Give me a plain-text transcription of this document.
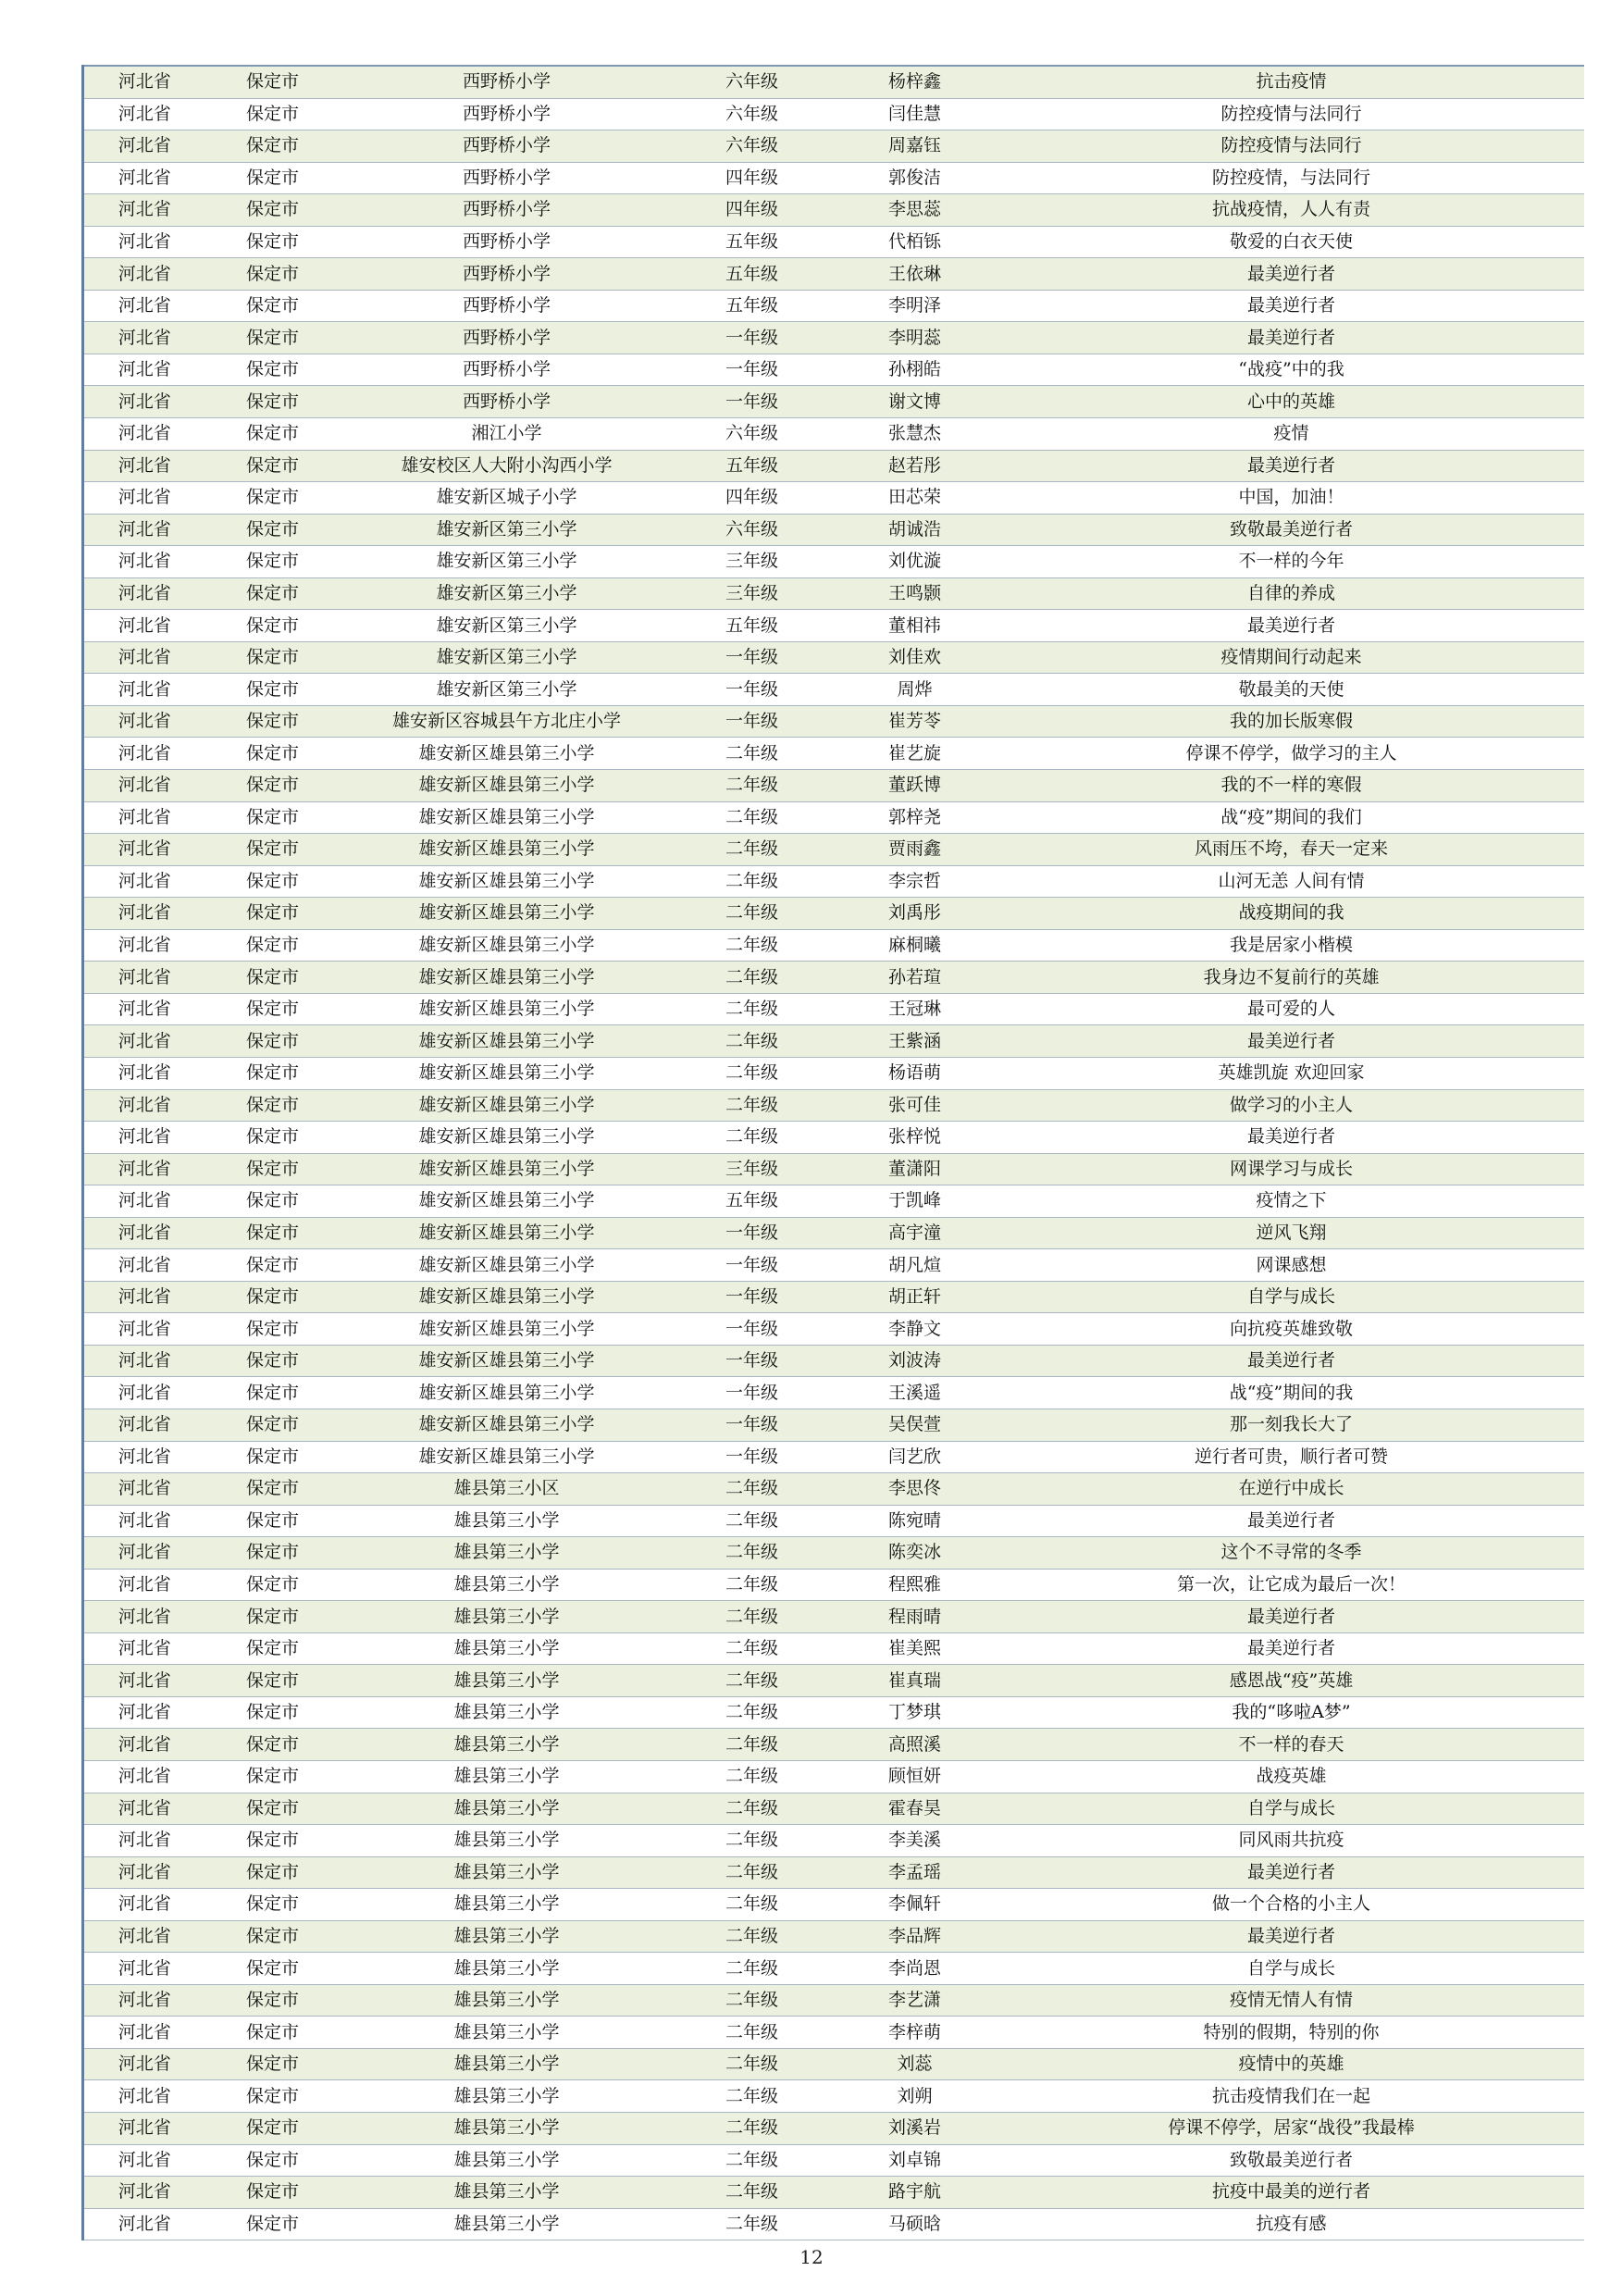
河北省	保定市	西野桥小学	六年级	杨梓鑫	抗击疫情
河北省	保定市	西野桥小学	六年级	闫佳慧	防控疫情与法同行
河北省	保定市	西野桥小学	六年级	周嘉钰	防控疫情与法同行
河北省	保定市	西野桥小学	四年级	郭俊洁	防控疫情，与法同行
河北省	保定市	西野桥小学	四年级	李思蕊	抗战疫情，人人有责
河北省	保定市	西野桥小学	五年级	代栢铄	敬爱的白衣天使
河北省	保定市	西野桥小学	五年级	王依琳	最美逆行者
河北省	保定市	西野桥小学	五年级	李明泽	最美逆行者
河北省	保定市	西野桥小学	一年级	李明蕊	最美逆行者
河北省	保定市	西野桥小学	一年级	孙栩皓	“战疫”中的我
河北省	保定市	西野桥小学	一年级	谢文博	心中的英雄
河北省	保定市	湘江小学	六年级	张慧杰	疫情
河北省	保定市	雄安校区人大附小沟西小学	五年级	赵若彤	最美逆行者
河北省	保定市	雄安新区城子小学	四年级	田芯荣	中国，加油！
河北省	保定市	雄安新区第三小学	六年级	胡诚浩	致敬最美逆行者
河北省	保定市	雄安新区第三小学	三年级	刘优漩	不一样的今年
河北省	保定市	雄安新区第三小学	三年级	王鸣颢	自律的养成
河北省	保定市	雄安新区第三小学	五年级	董相祎	最美逆行者
河北省	保定市	雄安新区第三小学	一年级	刘佳欢	疫情期间行动起来
河北省	保定市	雄安新区第三小学	一年级	周烨	敬最美的天使
河北省	保定市	雄安新区容城县午方北庄小学	一年级	崔芳苓	我的加长版寒假
河北省	保定市	雄安新区雄县第三小学	二年级	崔艺旋	停课不停学，做学习的主人
河北省	保定市	雄安新区雄县第三小学	二年级	董跃博	我的不一样的寒假
河北省	保定市	雄安新区雄县第三小学	二年级	郭梓尧	战“疫”期间的我们
河北省	保定市	雄安新区雄县第三小学	二年级	贾雨鑫	风雨压不垮，春天一定来
河北省	保定市	雄安新区雄县第三小学	二年级	李宗哲	山河无恙 人间有情
河北省	保定市	雄安新区雄县第三小学	二年级	刘禹彤	战疫期间的我
河北省	保定市	雄安新区雄县第三小学	二年级	麻桐曦	我是居家小楷模
河北省	保定市	雄安新区雄县第三小学	二年级	孙若瑄	我身边不复前行的英雄
河北省	保定市	雄安新区雄县第三小学	二年级	王冠琳	最可爱的人
河北省	保定市	雄安新区雄县第三小学	二年级	王紫涵	最美逆行者
河北省	保定市	雄安新区雄县第三小学	二年级	杨语萌	英雄凯旋 欢迎回家
河北省	保定市	雄安新区雄县第三小学	二年级	张可佳	做学习的小主人
河北省	保定市	雄安新区雄县第三小学	二年级	张梓悦	最美逆行者
河北省	保定市	雄安新区雄县第三小学	三年级	董潇阳	网课学习与成长
河北省	保定市	雄安新区雄县第三小学	五年级	于凯峰	疫情之下
河北省	保定市	雄安新区雄县第三小学	一年级	高宇潼	逆风飞翔
河北省	保定市	雄安新区雄县第三小学	一年级	胡凡煊	网课感想
河北省	保定市	雄安新区雄县第三小学	一年级	胡正轩	自学与成长
河北省	保定市	雄安新区雄县第三小学	一年级	李静文	向抗疫英雄致敬
河北省	保定市	雄安新区雄县第三小学	一年级	刘波涛	最美逆行者
河北省	保定市	雄安新区雄县第三小学	一年级	王溪遥	战“疫”期间的我
河北省	保定市	雄安新区雄县第三小学	一年级	吴俣萱	那一刻我长大了
河北省	保定市	雄安新区雄县第三小学	一年级	闫艺欣	逆行者可贵，顺行者可赞
河北省	保定市	雄县第三小区	二年级	李思佟	在逆行中成长
河北省	保定市	雄县第三小学	二年级	陈宛晴	最美逆行者
河北省	保定市	雄县第三小学	二年级	陈奕冰	这个不寻常的冬季
河北省	保定市	雄县第三小学	二年级	程熙雅	第一次，让它成为最后一次！
河北省	保定市	雄县第三小学	二年级	程雨晴	最美逆行者
河北省	保定市	雄县第三小学	二年级	崔美熙	最美逆行者
河北省	保定市	雄县第三小学	二年级	崔真瑞	感恩战“疫”英雄
河北省	保定市	雄县第三小学	二年级	丁梦琪	我的“哆啦A梦”
河北省	保定市	雄县第三小学	二年级	高照溪	不一样的春天
河北省	保定市	雄县第三小学	二年级	顾恒妍	战疫英雄
河北省	保定市	雄县第三小学	二年级	霍春昊	自学与成长
河北省	保定市	雄县第三小学	二年级	李美溪	同风雨共抗疫
河北省	保定市	雄县第三小学	二年级	李孟瑶	最美逆行者
河北省	保定市	雄县第三小学	二年级	李佩轩	做一个合格的小主人
河北省	保定市	雄县第三小学	二年级	李品辉	最美逆行者
河北省	保定市	雄县第三小学	二年级	李尚恩	自学与成长
河北省	保定市	雄县第三小学	二年级	李艺潇	疫情无情人有情
河北省	保定市	雄县第三小学	二年级	李梓萌	特别的假期，特别的你
河北省	保定市	雄县第三小学	二年级	刘蕊	疫情中的英雄
河北省	保定市	雄县第三小学	二年级	刘朔	抗击疫情我们在一起
河北省	保定市	雄县第三小学	二年级	刘溪岩	停课不停学，居家“战役”我最棒
河北省	保定市	雄县第三小学	二年级	刘卓锦	致敬最美逆行者
河北省	保定市	雄县第三小学	二年级	路宇航	抗疫中最美的逆行者
河北省	保定市	雄县第三小学	二年级	马硕晗	抗疫有感
12
